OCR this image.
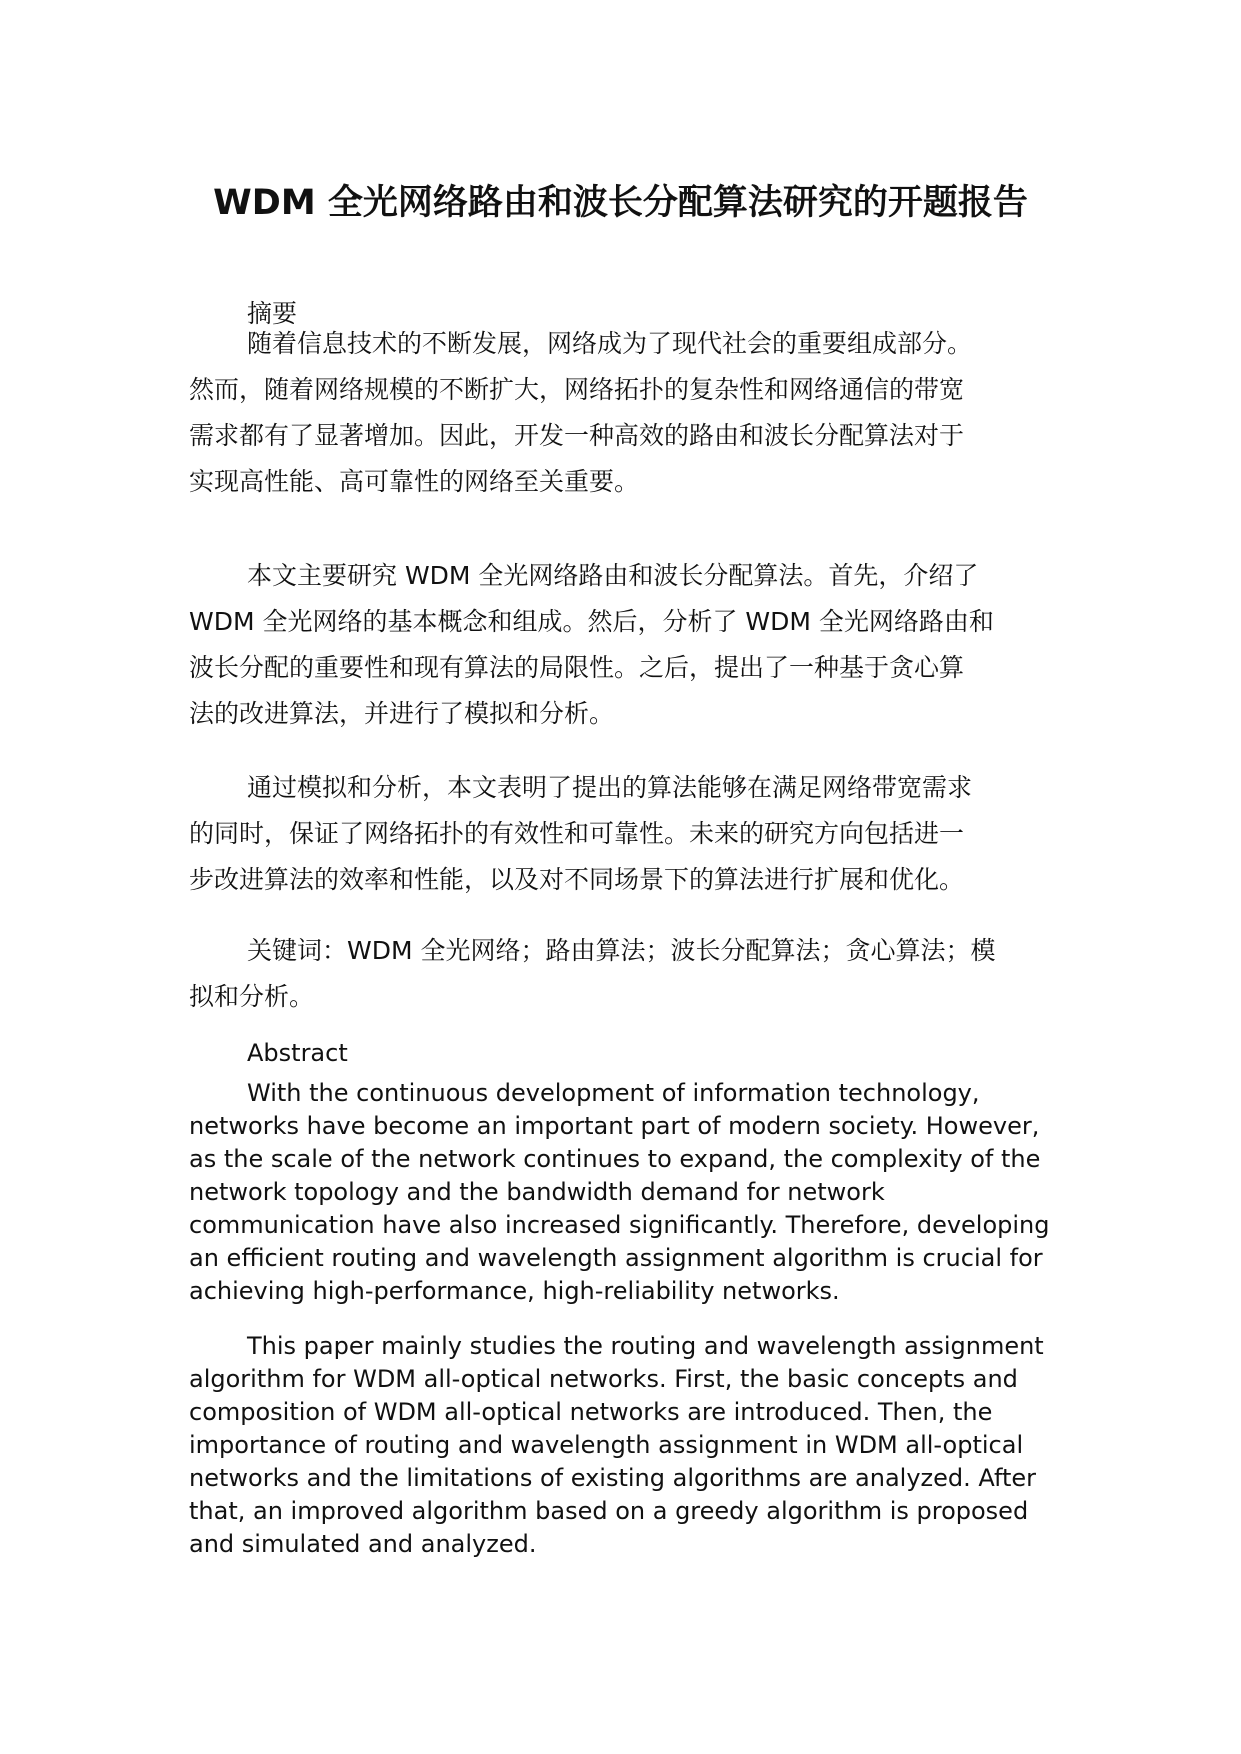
WDM 全光网络路由和波长分配算法研究的开题报告
摘要
随着信息技术的不断发展，网络成为了现代社会的重要组成部分。
然而，随着网络规模的不断扩大，网络拓扑的复杂性和网络通信的带宽
需求都有了显著增加。因此，开发一种高效的路由和波长分配算法对于
实现高性能、高可靠性的网络至关重要。
本文主要研究 WDM 全光网络路由和波长分配算法。首先，介绍了
WDM 全光网络的基本概念和组成。然后，分析了 WDM 全光网络路由和
波长分配的重要性和现有算法的局限性。之后，提出了一种基于贪心算
法的改进算法，并进行了模拟和分析。
通过模拟和分析，本文表明了提出的算法能够在满足网络带宽需求
的同时，保证了网络拓扑的有效性和可靠性。未来的研究方向包括进一
步改进算法的效率和性能，以及对不同场景下的算法进行扩展和优化。
关键词：WDM 全光网络；路由算法；波长分配算法；贪心算法；模
拟和分析。
Abstract
With the continuous development of information technology,
networks have become an important part of modern society. However,
as the scale of the network continues to expand, the complexity of the
network topology and the bandwidth demand for network
communication have also increased significantly. Therefore, developing
an efficient routing and wavelength assignment algorithm is crucial for
achieving high-performance, high-reliability networks.
This paper mainly studies the routing and wavelength assignment
algorithm for WDM all-optical networks. First, the basic concepts and
composition of WDM all-optical networks are introduced. Then, the
importance of routing and wavelength assignment in WDM all-optical
networks and the limitations of existing algorithms are analyzed. After
that, an improved algorithm based on a greedy algorithm is proposed
and simulated and analyzed.
